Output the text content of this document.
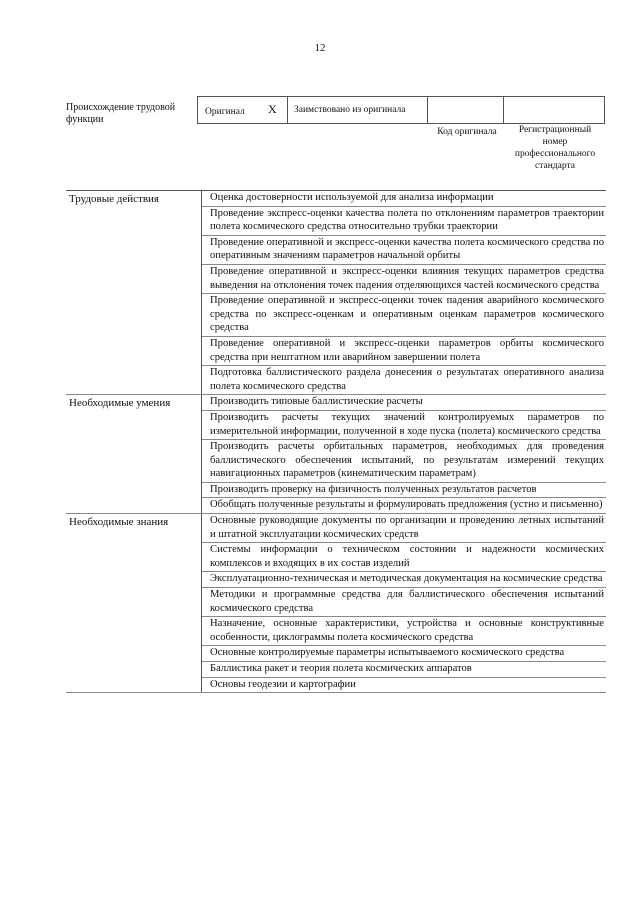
12
Происхождение трудовой функции
Оригинал X Заимствовано из оригинала
Код оригинала	Регистрационный номер профессионального стандарта
Трудовые действия	Оценка достоверности используемой для анализа информации
Проведение экспресс-оценки качества полета по отклонениям параметров траектории полета космического средства относительно трубки траектории
Проведение оперативной и экспресс-оценки качества полета космического средства по оперативным значениям параметров начальной орбиты
Проведение оперативной и экспресс-оценки влияния текущих параметров средства выведения на отклонения точек падения отделяющихся частей космического средства
Проведение оперативной и экспресс-оценки точек падения аварийного космического средства по экспресс-оценкам и оперативным оценкам параметров космического средства
Проведение оперативной и экспресс-оценки параметров орбиты космического средства при нештатном или аварийном завершении полета
Подготовка баллистического раздела донесения о результатах оперативного анализа полета космического средства
Необходимые умения	Производить типовые баллистические расчеты
Производить расчеты текущих значений контролируемых параметров по измерительной информации, полученной в ходе пуска (полета) космического средства
Производить расчеты орбитальных параметров, необходимых для проведения баллистического обеспечения испытаний, по результатам измерений текущих навигационных параметров (кинематическим параметрам)
Производить проверку на физичность полученных результатов расчетов
Обобщать полученные результаты и формулировать предложения (устно и письменно)
Необходимые знания	Основные руководящие документы по организации и проведению летных испытаний и штатной эксплуатации космических средств
Системы информации о техническом состоянии и надежности космических комплексов и входящих в их состав изделий
Эксплуатационно-техническая и методическая документация на космические средства
Методики и программные средства для баллистического обеспечения испытаний космического средства
Назначение, основные характеристики, устройства и основные конструктивные особенности, циклограммы полета космического средства
Основные контролируемые параметры испытываемого космического средства
Баллистика ракет и теория полета космических аппаратов
Основы геодезии и картографии
